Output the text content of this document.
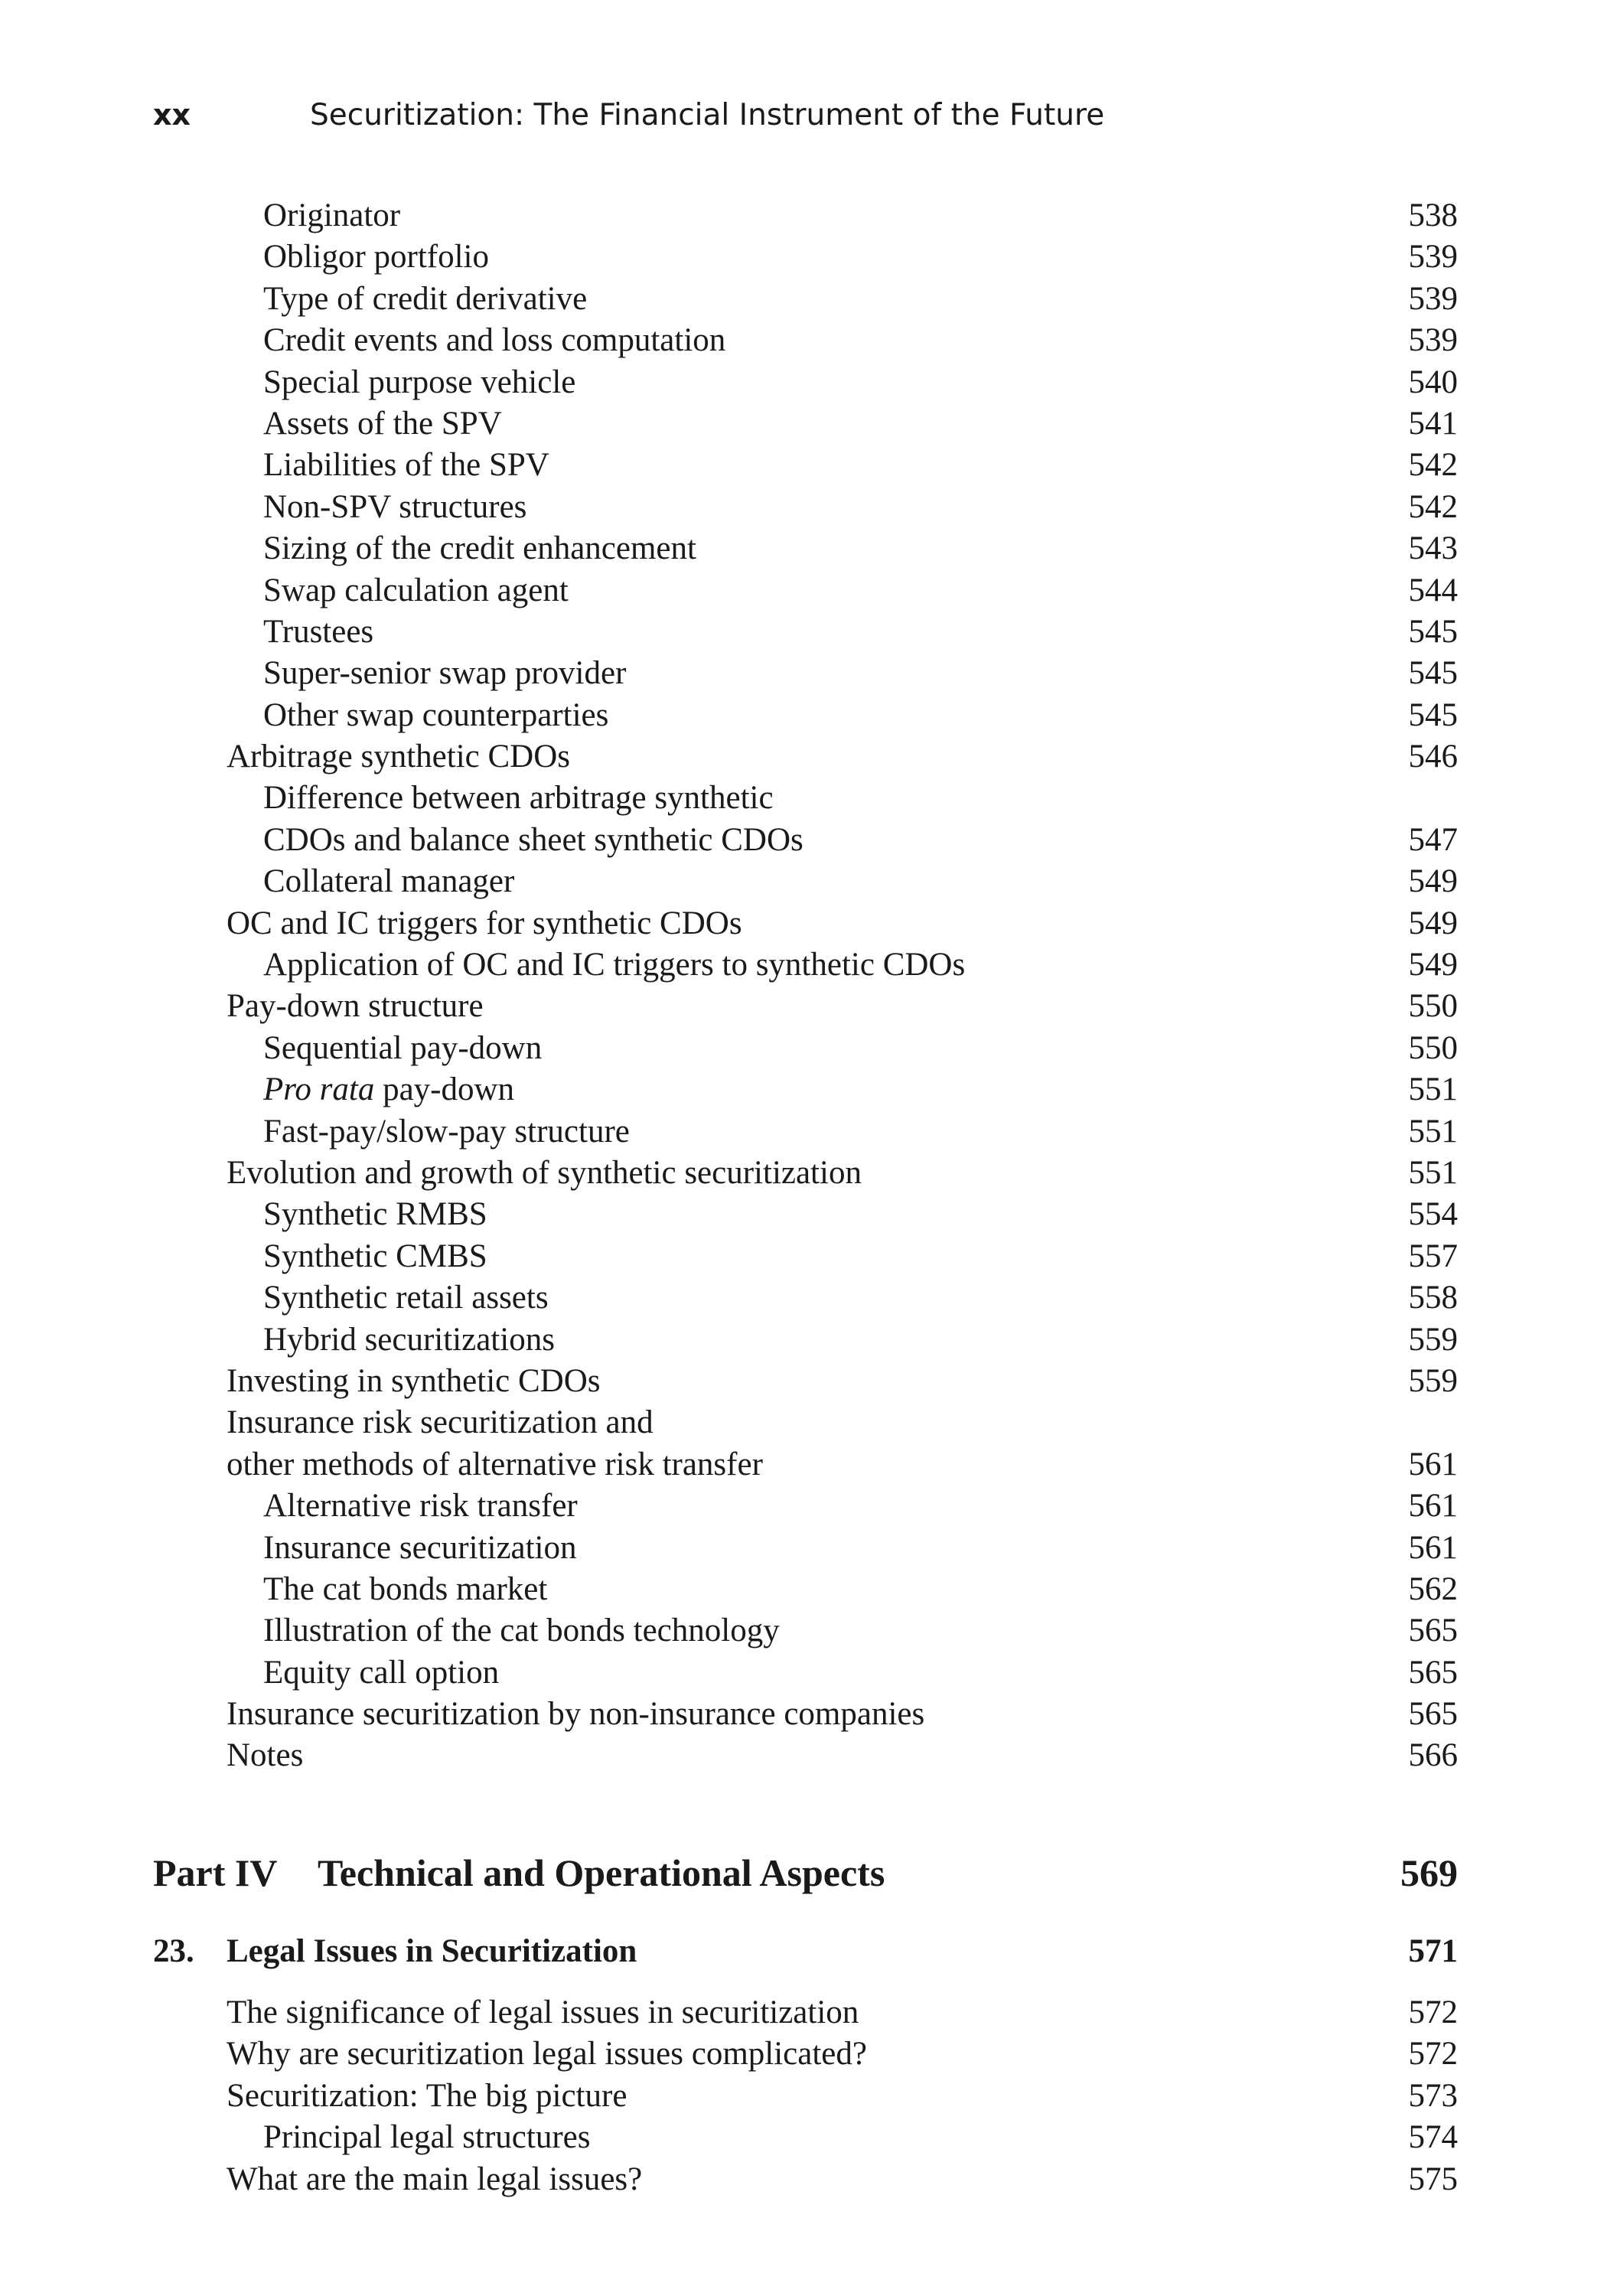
xx	Securitization: The Financial Instrument of the Future
Originator	538
Obligor portfolio	539
Type of credit derivative	539
Credit events and loss computation	539
Special purpose vehicle	540
Assets of the SPV	541
Liabilities of the SPV	542
Non-SPV structures	542
Sizing of the credit enhancement	543
Swap calculation agent	544
Trustees	545
Super-senior swap provider	545
Other swap counterparties	545
Arbitrage synthetic CDOs	546
Difference between arbitrage synthetic
CDOs and balance sheet synthetic CDOs	547
Collateral manager	549
OC and IC triggers for synthetic CDOs	549
Application of OC and IC triggers to synthetic CDOs	549
Pay-down structure	550
Sequential pay-down	550
Pro rata pay-down	551
Fast-pay/slow-pay structure	551
Evolution and growth of synthetic securitization	551
Synthetic RMBS	554
Synthetic CMBS	557
Synthetic retail assets	558
Hybrid securitizations	559
Investing in synthetic CDOs	559
Insurance risk securitization and
other methods of alternative risk transfer	561
Alternative risk transfer	561
Insurance securitization	561
The cat bonds market	562
Illustration of the cat bonds technology	565
Equity call option	565
Insurance securitization by non-insurance companies	565
Notes	566
Part IV Technical and Operational Aspects	569
23. Legal Issues in Securitization	571
The significance of legal issues in securitization	572
Why are securitization legal issues complicated?	572
Securitization: The big picture	573
Principal legal structures	574
What are the main legal issues?	575
